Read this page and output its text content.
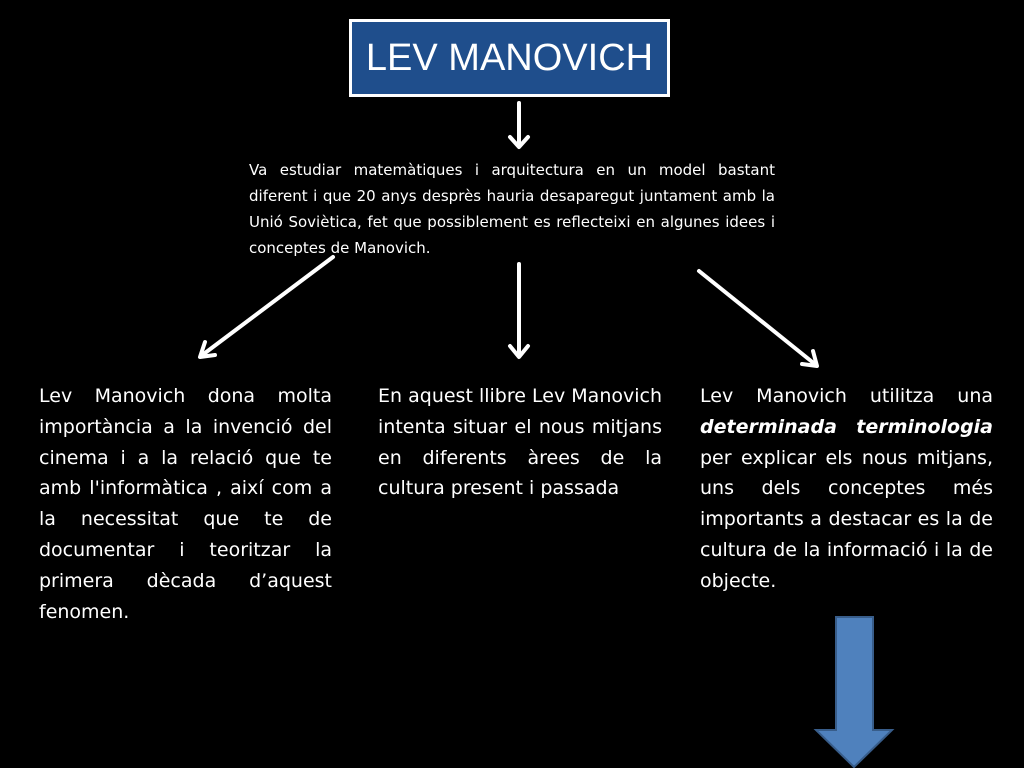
LEV MANOVICH
Va estudiar matemàtiques i arquitectura en un model bastant diferent i que 20 anys desprès hauria desaparegut juntament amb la Unió Soviètica, fet que possiblement es reflecteixi en algunes idees i conceptes de Manovich.
Lev Manovich dona molta importància a la invenció del cinema i a la relació que te amb l'informàtica , així com a la necessitat que te de documentar i teoritzar la primera dècada d’aquest fenomen.
En aquest llibre Lev Manovich intenta situar el nous mitjans en diferents àrees de la cultura present i passada
Lev Manovich utilitza una determinada terminologia per explicar els nous mitjans, uns dels conceptes més importants a destacar es la de cultura de la informació i la de objecte.
